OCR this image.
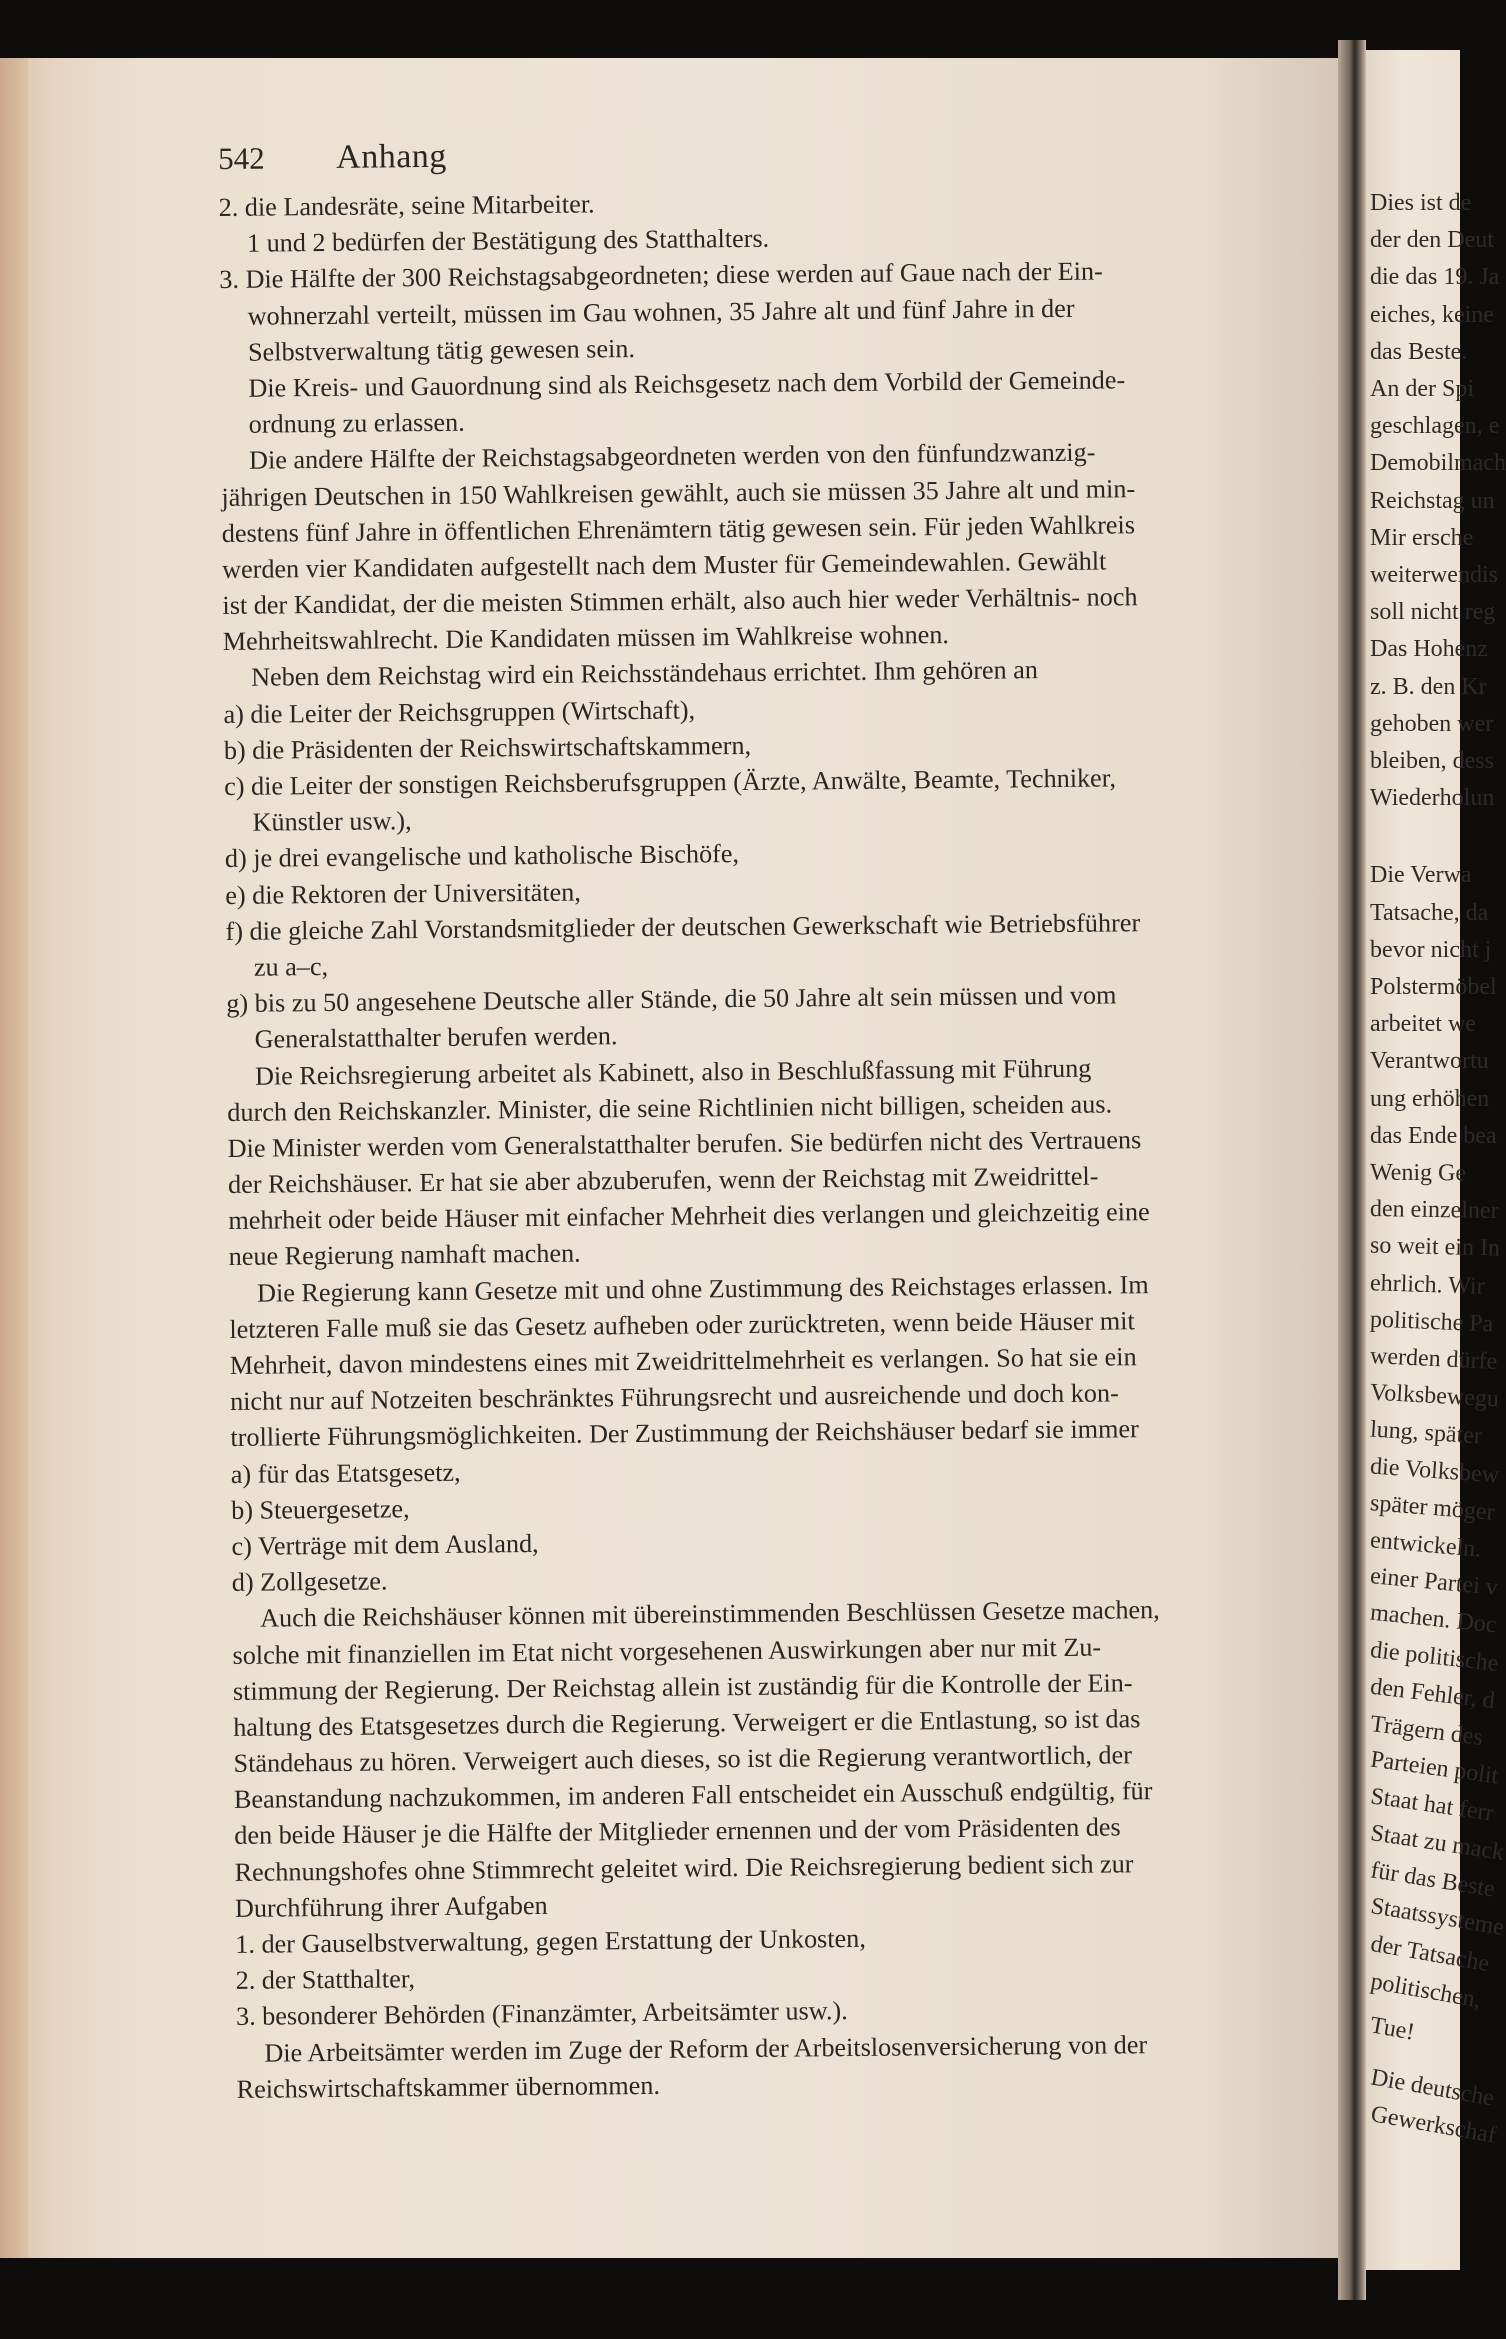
Dies ist de
der den Deut
die das 19. Ja
eiches, keine
das Beste.
An der Spi
geschlagen, e
Demobilmach
Reichstag un
Mir ersche
weiterwendis
soll nicht reg
Das Hohenz
z. B. den Kr
gehoben wer
bleiben, dess
Wiederholun
Die Verwa
Tatsache, da
bevor nicht j
Polstermöbel
arbeitet we
Verantwortu
ung erhöhen
das Ende bea
Wenig Ge
den einzelner
so weit ein In
ehrlich. Wir
politische Pa
werden dürfe
Volksbewegu
lung, später
die Volksbew
später möger
entwickeln.
einer Partei v
machen. Doc
die politische
den Fehler, d
Trägern des
Parteien polit
Staat hat ferr
Staat zu mack
für das Beste
Staatssysteme
der Tatsache
politischen,
Tue!
Die deutsche
Gewerkschaf
542	Anhang
2. die Landesräte, seine Mitarbeiter.
1 und 2 bedürfen der Bestätigung des Statthalters.
3. Die Hälfte der 300 Reichstagsabgeordneten; diese werden auf Gaue nach der Ein-
wohnerzahl verteilt, müssen im Gau wohnen, 35 Jahre alt und fünf Jahre in der
Selbstverwaltung tätig gewesen sein.
Die Kreis- und Gauordnung sind als Reichsgesetz nach dem Vorbild der Gemeinde-
ordnung zu erlassen.
Die andere Hälfte der Reichstagsabgeordneten werden von den fünfundzwanzig-
jährigen Deutschen in 150 Wahlkreisen gewählt, auch sie müssen 35 Jahre alt und min-
destens fünf Jahre in öffentlichen Ehrenämtern tätig gewesen sein. Für jeden Wahlkreis
werden vier Kandidaten aufgestellt nach dem Muster für Gemeindewahlen. Gewählt
ist der Kandidat, der die meisten Stimmen erhält, also auch hier weder Verhältnis- noch
Mehrheitswahlrecht. Die Kandidaten müssen im Wahlkreise wohnen.
Neben dem Reichstag wird ein Reichsständehaus errichtet. Ihm gehören an
a) die Leiter der Reichsgruppen (Wirtschaft),
b) die Präsidenten der Reichswirtschaftskammern,
c) die Leiter der sonstigen Reichsberufsgruppen (Ärzte, Anwälte, Beamte, Techniker,
Künstler usw.),
d) je drei evangelische und katholische Bischöfe,
e) die Rektoren der Universitäten,
f) die gleiche Zahl Vorstandsmitglieder der deutschen Gewerkschaft wie Betriebsführer
zu a–c,
g) bis zu 50 angesehene Deutsche aller Stände, die 50 Jahre alt sein müssen und vom
Generalstatthalter berufen werden.
Die Reichsregierung arbeitet als Kabinett, also in Beschlußfassung mit Führung
durch den Reichskanzler. Minister, die seine Richtlinien nicht billigen, scheiden aus.
Die Minister werden vom Generalstatthalter berufen. Sie bedürfen nicht des Vertrauens
der Reichshäuser. Er hat sie aber abzuberufen, wenn der Reichstag mit Zweidrittel-
mehrheit oder beide Häuser mit einfacher Mehrheit dies verlangen und gleichzeitig eine
neue Regierung namhaft machen.
Die Regierung kann Gesetze mit und ohne Zustimmung des Reichstages erlassen. Im
letzteren Falle muß sie das Gesetz aufheben oder zurücktreten, wenn beide Häuser mit
Mehrheit, davon mindestens eines mit Zweidrittelmehrheit es verlangen. So hat sie ein
nicht nur auf Notzeiten beschränktes Führungsrecht und ausreichende und doch kon-
trollierte Führungsmöglichkeiten. Der Zustimmung der Reichshäuser bedarf sie immer
a) für das Etatsgesetz,
b) Steuergesetze,
c) Verträge mit dem Ausland,
d) Zollgesetze.
Auch die Reichshäuser können mit übereinstimmenden Beschlüssen Gesetze machen,
solche mit finanziellen im Etat nicht vorgesehenen Auswirkungen aber nur mit Zu-
stimmung der Regierung. Der Reichstag allein ist zuständig für die Kontrolle der Ein-
haltung des Etatsgesetzes durch die Regierung. Verweigert er die Entlastung, so ist das
Ständehaus zu hören. Verweigert auch dieses, so ist die Regierung verantwortlich, der
Beanstandung nachzukommen, im anderen Fall entscheidet ein Ausschuß endgültig, für
den beide Häuser je die Hälfte der Mitglieder ernennen und der vom Präsidenten des
Rechnungshofes ohne Stimmrecht geleitet wird. Die Reichsregierung bedient sich zur
Durchführung ihrer Aufgaben
1. der Gauselbstverwaltung, gegen Erstattung der Unkosten,
2. der Statthalter,
3. besonderer Behörden (Finanzämter, Arbeitsämter usw.).
Die Arbeitsämter werden im Zuge der Reform der Arbeitslosenversicherung von der
Reichswirtschaftskammer übernommen.
